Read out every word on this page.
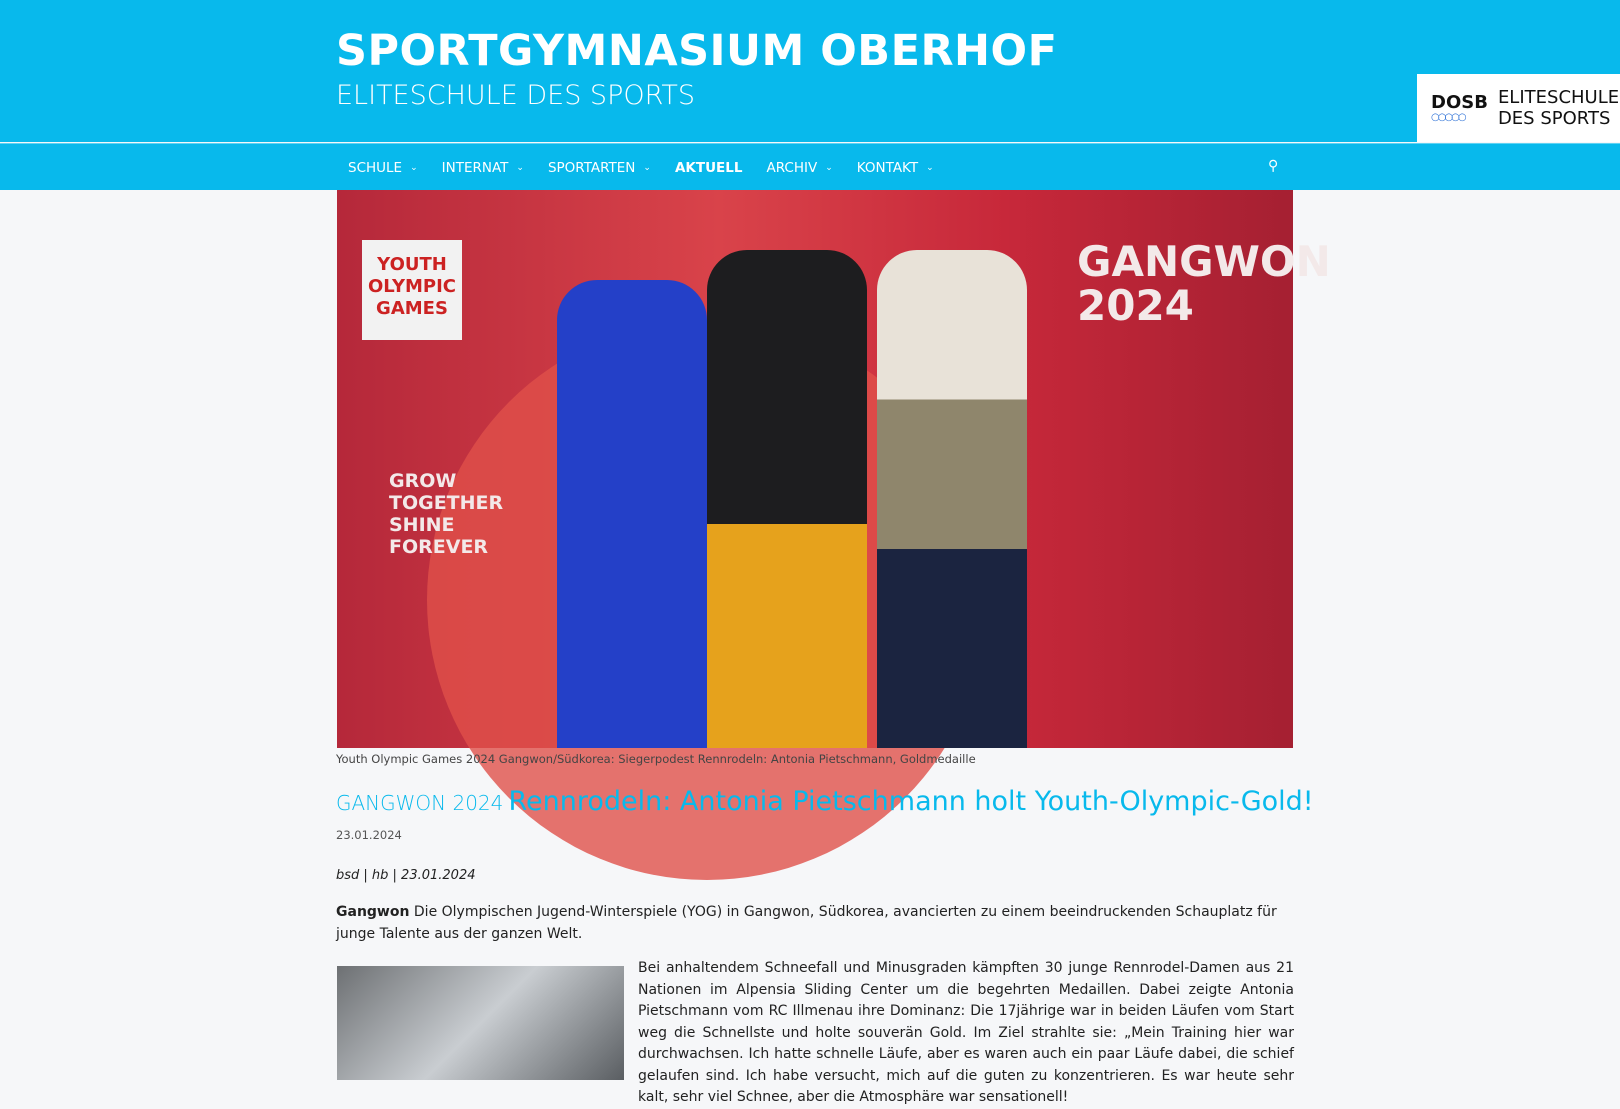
SPORTGYMNASIUM OBERHOF
ELITESCHULE DES SPORTS	DOSB
○○○○○
ELITESCHULE
DES SPORTS
SCHULE ⌄ INTERNAT ⌄ SPORTARTEN ⌄ AKTUELL ARCHIV ⌄ KONTAKT ⌄	⚲
YOUTH OLYMPIC GAMES
GROW TOGETHER SHINE FOREVER
GANGWON 2024
Youth Olympic Games 2024 Gangwon/Südkorea: Siegerpodest Rennrodeln: Antonia Pietschmann, Goldmedaille
GANGWON 2024 Rennrodeln: Antonia Pietschmann holt Youth-Olympic-Gold!
23.01.2024
bsd | hb | 23.01.2024
Gangwon Die Olympischen Jugend-Winterspiele (YOG) in Gangwon, Südkorea, avancierten zu einem beeindruckenden Schauplatz für junge Talente aus der ganzen Welt.
Bei anhaltendem Schneefall und Minusgraden kämpften 30 junge Rennrodel-Damen aus 21 Nationen im Alpensia Sliding Center um die begehrten Medaillen. Dabei zeigte Antonia Pietschmann vom RC Illmenau ihre Dominanz: Die 17jährige war in beiden Läufen vom Start weg die Schnellste und holte souverän Gold. Im Ziel strahlte sie: „Mein Training hier war durchwachsen. Ich hatte schnelle Läufe, aber es waren auch ein paar Läufe dabei, die schief gelaufen sind. Ich habe versucht, mich auf die guten zu konzentrieren. Es war heute sehr kalt, sehr viel Schnee, aber die Atmosphäre war sensationell!
